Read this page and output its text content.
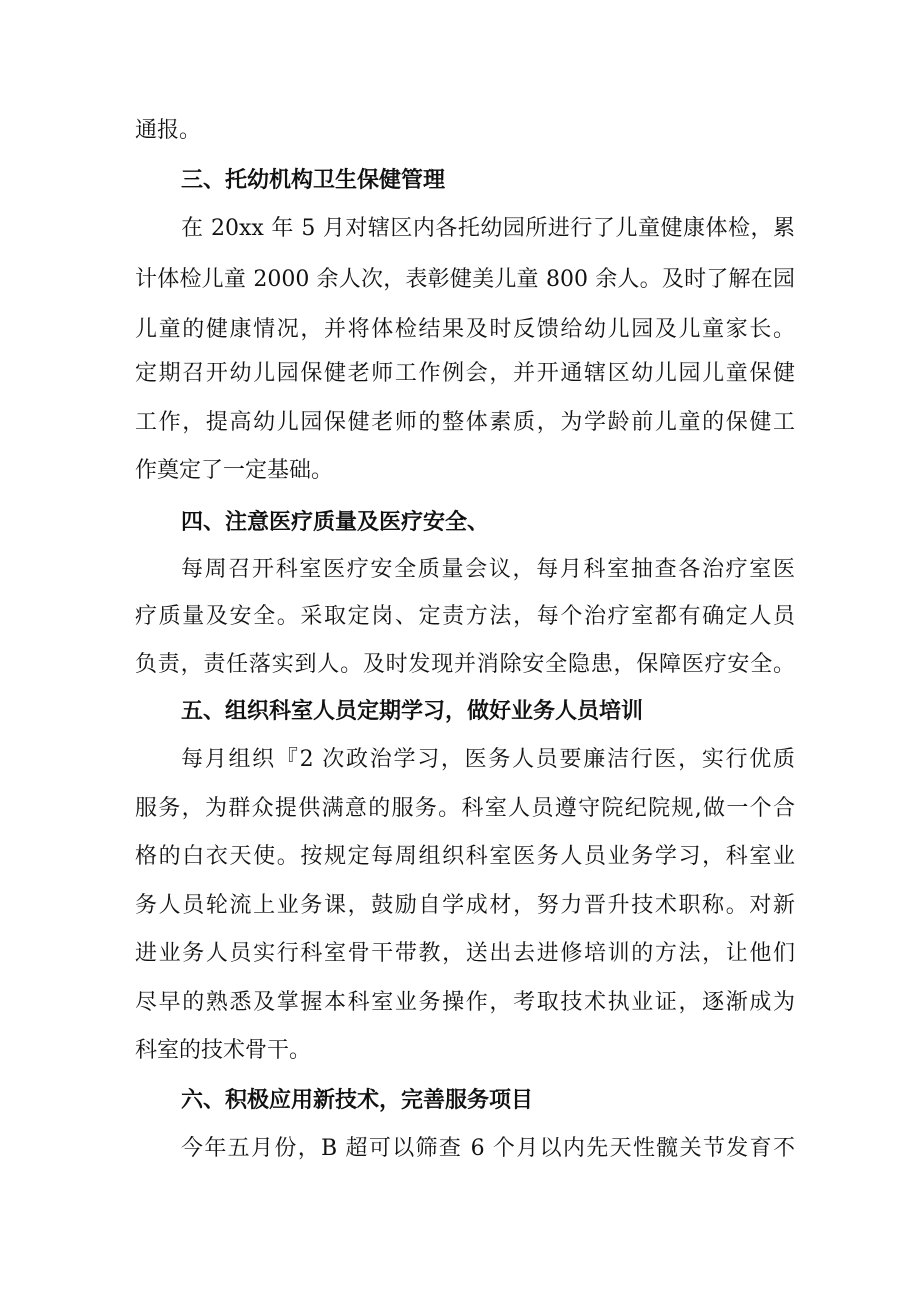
通报。
三、托幼机构卫生保健管理
在 20xx 年 5 月对辖区内各托幼园所进行了儿童健康体检，累
计体检儿童 2000 余人次，表彰健美儿童 800 余人。及时了解在园
儿童的健康情况，并将体检结果及时反馈给幼儿园及儿童家长。
定期召开幼儿园保健老师工作例会，并开通辖区幼儿园儿童保健
工作，提高幼儿园保健老师的整体素质，为学龄前儿童的保健工
作奠定了一定基础。
四、注意医疗质量及医疗安全、
每周召开科室医疗安全质量会议，每月科室抽查各治疗室医
疗质量及安全。采取定岗、定责方法，每个治疗室都有确定人员
负责，责任落实到人。及时发现并消除安全隐患，保障医疗安全。
五、组织科室人员定期学习，做好业务人员培训
每月组织『2 次政治学习，医务人员要廉洁行医，实行优质
服务，为群众提供满意的服务。科室人员遵守院纪院规,做一个合
格的白衣天使。按规定每周组织科室医务人员业务学习，科室业
务人员轮流上业务课，鼓励自学成材，努力晋升技术职称。对新
进业务人员实行科室骨干带教，送出去进修培训的方法，让他们
尽早的熟悉及掌握本科室业务操作，考取技术执业证，逐渐成为
科室的技术骨干。
六、积极应用新技术，完善服务项目
今年五月份，B 超可以筛查 6 个月以内先天性髋关节发育不
